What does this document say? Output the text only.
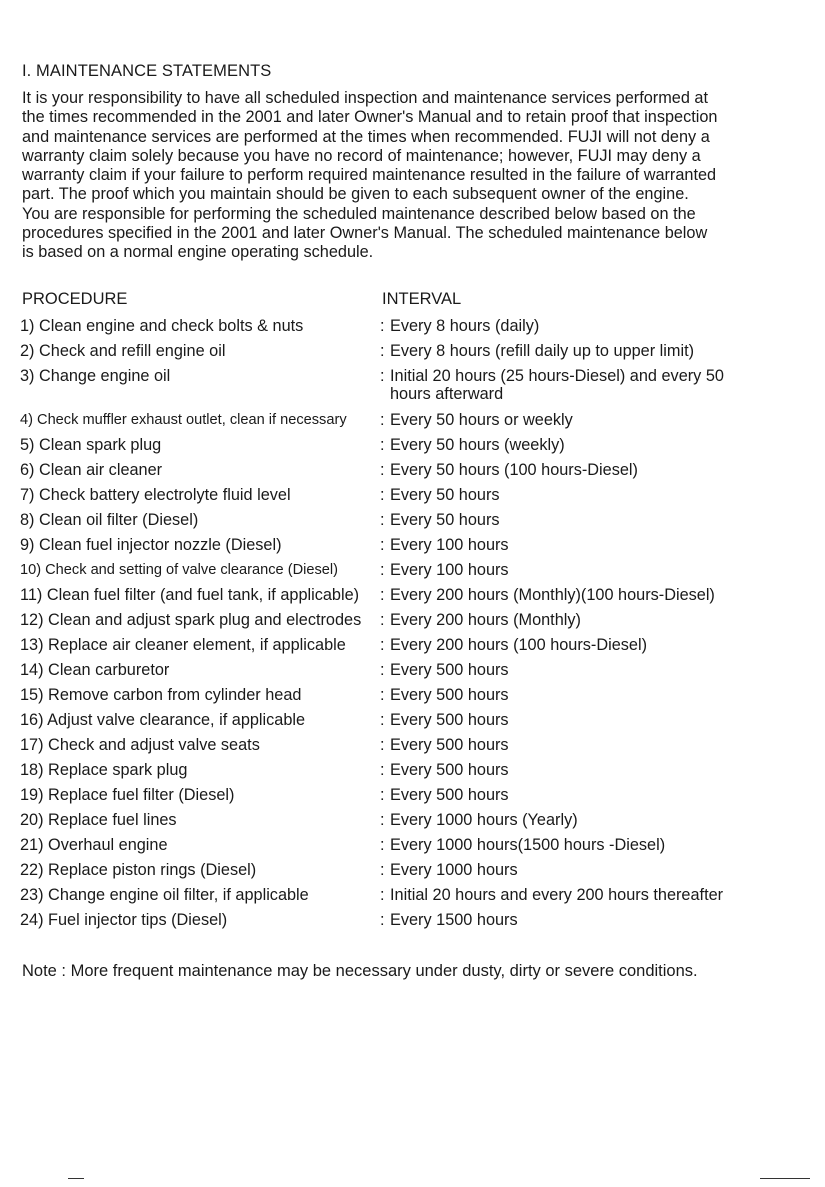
I. MAINTENANCE STATEMENTS
It is your responsibility to have all scheduled inspection and maintenance services performed at
the times recommended in the 2001 and later Owner's Manual and to retain proof that inspection
and maintenance services are performed at the times when recommended. FUJI will not deny a
warranty claim solely because you have no record of maintenance; however, FUJI may deny a
warranty claim if your failure to perform required maintenance resulted in the failure of warranted
part. The proof which you maintain should be given to each subsequent owner of the engine.
You are responsible for performing the scheduled maintenance described below based on the
procedures specified in the 2001 and later Owner's Manual. The scheduled maintenance below
is based on a normal engine operating schedule.
PROCEDURE	INTERVAL
1) Clean engine and check bolts & nuts	: Every 8 hours (daily)
2) Check and refill engine oil	: Every 8 hours (refill daily up to upper limit)
3) Change engine oil	: Initial 20 hours (25 hours-Diesel) and every 50 hours afterward
4) Check muffler exhaust outlet, clean if necessary : Every 50 hours or weekly
5) Clean spark plug	: Every 50 hours (weekly)
6) Clean air cleaner	: Every 50 hours (100 hours-Diesel)
7) Check battery electrolyte fluid level	: Every 50 hours
8) Clean oil filter (Diesel)	: Every 50 hours
9) Clean fuel injector nozzle (Diesel)	: Every 100 hours
10) Check and setting of valve clearance (Diesel)	: Every 100 hours
11) Clean fuel filter (and fuel tank, if applicable) : Every 200 hours (Monthly)(100 hours-Diesel)
12) Clean and adjust spark plug and electrodes : Every 200 hours (Monthly)
13) Replace air cleaner element, if applicable : Every 200 hours (100 hours-Diesel)
14) Clean carburetor	: Every 500 hours
15) Remove carbon from cylinder head	: Every 500 hours
16) Adjust valve clearance, if applicable	: Every 500 hours
17) Check and adjust valve seats	: Every 500 hours
18) Replace spark plug	: Every 500 hours
19) Replace fuel filter (Diesel)	: Every 500 hours
20) Replace fuel lines	: Every 1000 hours (Yearly)
21) Overhaul engine	: Every 1000 hours(1500 hours -Diesel)
22) Replace piston rings (Diesel)	: Every 1000 hours
23) Change engine oil filter, if applicable	: Initial 20 hours and every 200 hours thereafter
24) Fuel injector tips (Diesel)	: Every 1500 hours
Note : More frequent maintenance may be necessary under dusty, dirty or severe conditions.
